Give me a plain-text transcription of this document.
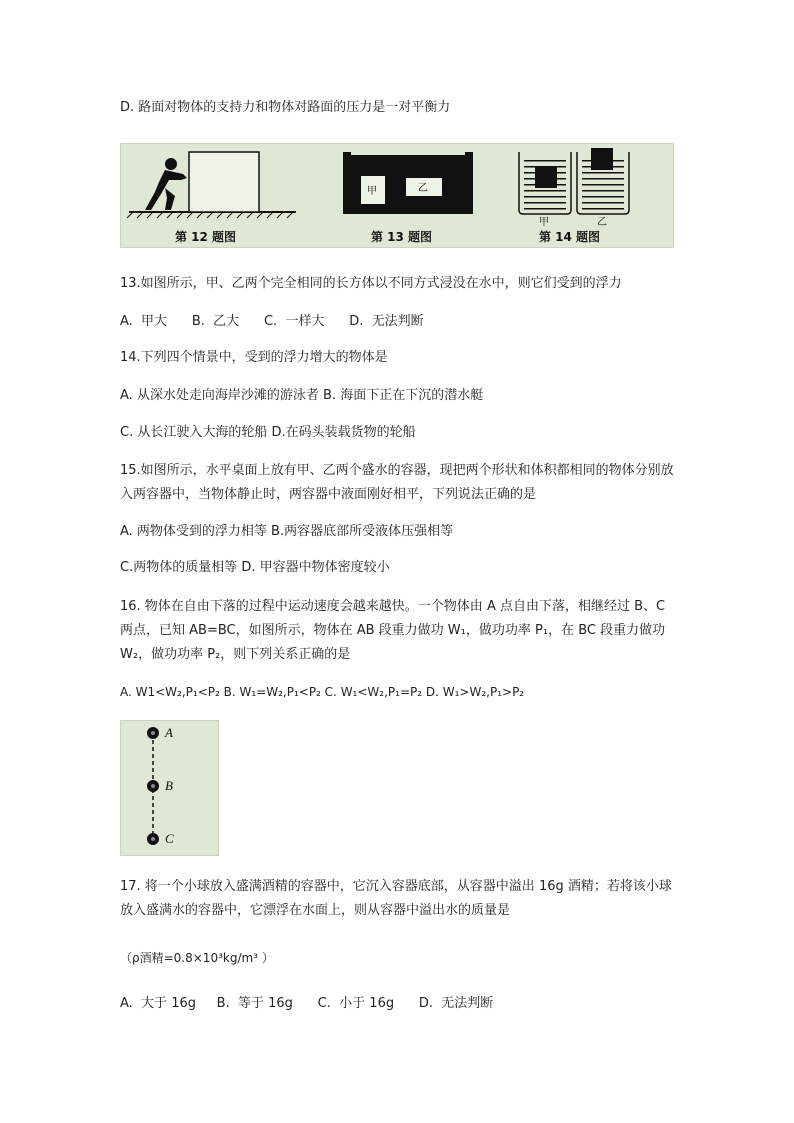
D. 路面对物体的支持力和物体对路面的压力是一对平衡力
甲	乙
甲	乙
第 12 题图	第 13 题图	第 14 题图
13.如图所示，甲、乙两个完全相同的长方体以不同方式浸没在水中，则它们受到的浮力
A.  甲大      B.  乙大      C.  一样大      D.  无法判断
14.下列四个情景中，受到的浮力增大的物体是
A. 从深水处走向海岸沙滩的游泳者 B. 海面下正在下沉的潜水艇
C. 从长江驶入大海的轮船 D.在码头装载货物的轮船
15.如图所示，水平桌面上放有甲、乙两个盛水的容器，现把两个形状和体积都相同的物体分别放入两容器中，当物体静止时，两容器中液面刚好相平，下列说法正确的是
A. 两物体受到的浮力相等 B.两容器底部所受液体压强相等
C.两物体的质量相等 D. 甲容器中物体密度较小
16. 物体在自由下落的过程中运动速度会越来越快。一个物体由 A 点自由下落，相继经过 B、C 两点，已知 AB=BC，如图所示，物体在 AB 段重力做功 W₁，做功功率 P₁，在 BC 段重力做功 W₂，做功功率 P₂，则下列关系正确的是
A. W1<W₂,P₁<P₂ B. W₁=W₂,P₁<P₂ C. W₁<W₂,P₁=P₂ D. W₁>W₂,P₁>P₂
A
B
C
17. 将一个小球放入盛满酒精的容器中，它沉入容器底部，从容器中溢出 16g 酒精；若将该小球放入盛满水的容器中，它漂浮在水面上，则从容器中溢出水的质量是
（ρ酒精=0.8×10³kg/m³ ）
A.  大于 16g     B.  等于 16g      C.  小于 16g      D.  无法判断
